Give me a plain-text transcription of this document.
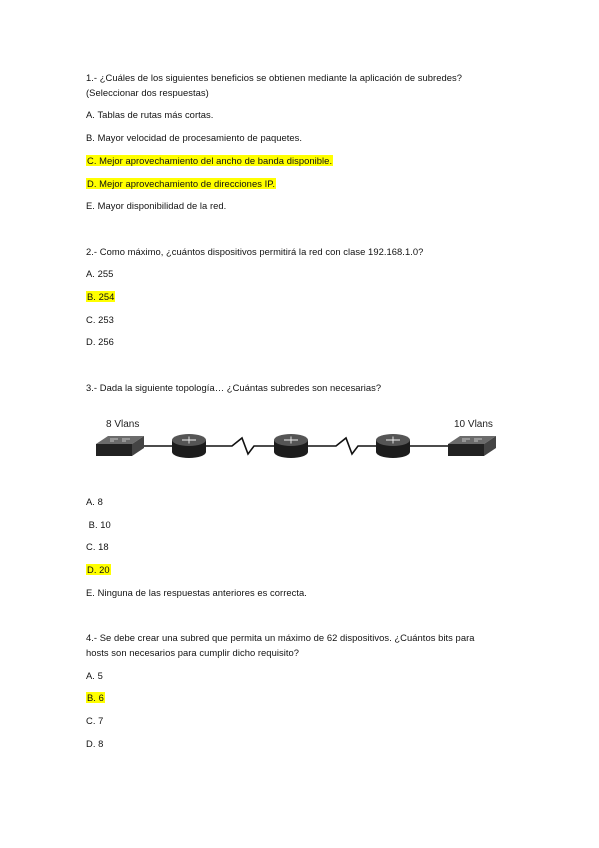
1.- ¿Cuáles de los siguientes beneficios se obtienen mediante la aplicación de subredes?
(Seleccionar dos respuestas)
A. Tablas de rutas más cortas.
B. Mayor velocidad de procesamiento de paquetes.
C. Mejor aprovechamiento del ancho de banda disponible.
D. Mejor aprovechamiento de direcciones IP.
E. Mayor disponibilidad de la red.
2.- Como máximo, ¿cuántos dispositivos permitirá la red con clase 192.168.1.0?
A. 255
B. 254
C. 253
D. 256
3.- Dada la siguiente topología… ¿Cuántas subredes son necesarias?
8 Vlans	10 Vlans
A. 8
B. 10
C. 18
D. 20
E. Ninguna de las respuestas anteriores es correcta.
4.- Se debe crear una subred que permita un máximo de 62 dispositivos. ¿Cuántos bits para
hosts son necesarios para cumplir dicho requisito?
A. 5
B. 6
C. 7
D. 8
